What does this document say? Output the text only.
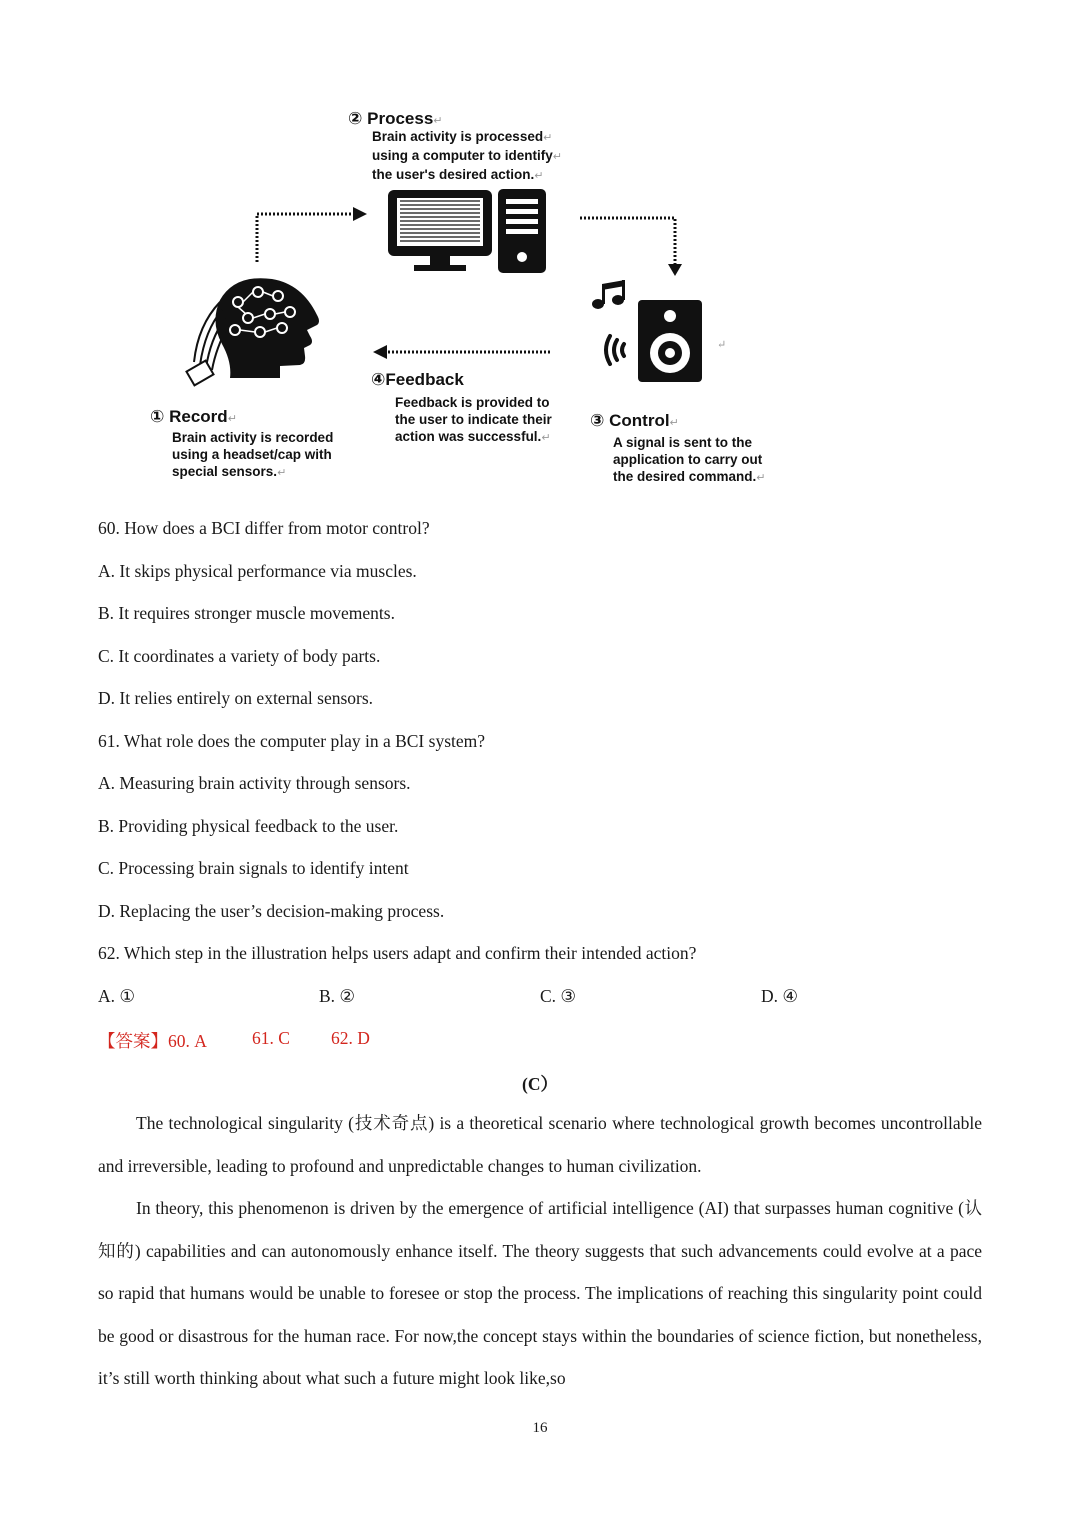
② Process↵
Brain activity is processed↵
using a computer to identify↵
the user's desired action.↵
↵
④Feedback
Feedback is provided to
the user to indicate their
action was successful.↵
① Record↵
Brain activity is recorded
using a headset/cap with
special sensors.↵
③ Control↵
A signal is sent to the
application to carry out
the desired command.↵
60. How does a BCI differ from motor control?
A. It skips physical performance via muscles.
B. It requires stronger muscle movements.
C. It coordinates a variety of body parts.
D. It relies entirely on external sensors.
61. What role does the computer play in a BCI system?
A. Measuring brain activity through sensors.
B. Providing physical feedback to the user.
C. Processing brain signals to identify intent
D. Replacing the user’s decision-making process.
62. Which step in the illustration helps users adapt and confirm their intended action?
A. ①	B. ②	C. ③	D. ④
【答案】60. A	61. C 62. D
(C）
The technological singularity (技术奇点) is a theoretical scenario where technological growth becomes uncontrollable and irreversible, leading to profound and unpredictable changes to human civilization.
In theory, this phenomenon is driven by the emergence of artificial intelligence (AI) that surpasses human cognitive (认知的) capabilities and can autonomously enhance itself. The theory suggests that such advancements could evolve at a pace so rapid that humans would be unable to foresee or stop the process. The implications of reaching this singularity point could be good or disastrous for the human race. For now,the concept stays within the boundaries of science fiction, but nonetheless, it’s still worth thinking about what such a future might look like,so
16
